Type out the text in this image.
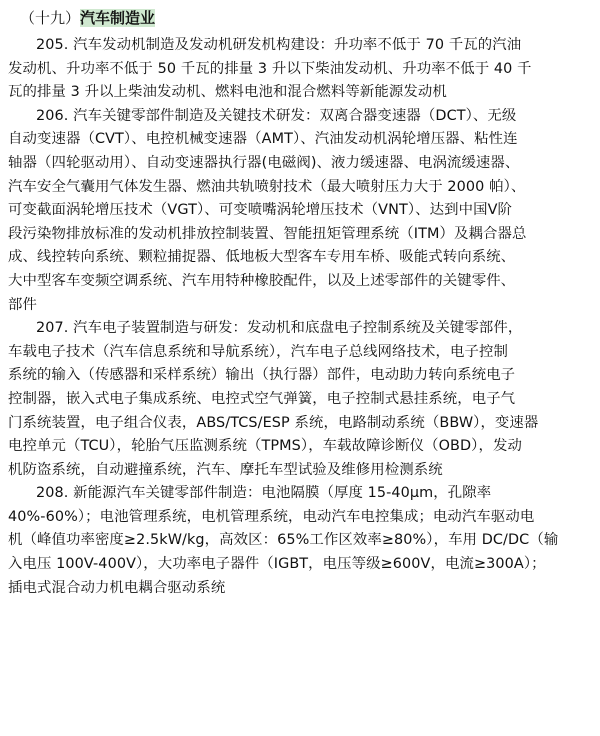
（十九）汽车制造业
205. 汽车发动机制造及发动机研发机构建设：升功率不低于 70 千瓦的汽油
发动机、升功率不低于 50 千瓦的排量 3 升以下柴油发动机、升功率不低于 40 千
瓦的排量 3 升以上柴油发动机、燃料电池和混合燃料等新能源发动机
206. 汽车关键零部件制造及关键技术研发：双离合器变速器（DCT）、无级
自动变速器（CVT）、电控机械变速器（AMT）、汽油发动机涡轮增压器、粘性连
轴器（四轮驱动用）、自动变速器执行器(电磁阀)、液力缓速器、电涡流缓速器、
汽车安全气囊用气体发生器、燃油共轨喷射技术（最大喷射压力大于 2000 帕）、
可变截面涡轮增压技术（VGT）、可变喷嘴涡轮增压技术（VNT）、达到中国Ⅴ阶
段污染物排放标准的发动机排放控制装置、智能扭矩管理系统（ITM）及耦合器总
成、线控转向系统、颗粒捕捉器、低地板大型客车专用车桥、吸能式转向系统、
大中型客车变频空调系统、汽车用特种橡胶配件，以及上述零部件的关键零件、
部件
207. 汽车电子装置制造与研发：发动机和底盘电子控制系统及关键零部件，
车载电子技术（汽车信息系统和导航系统），汽车电子总线网络技术，电子控制
系统的输入（传感器和采样系统）输出（执行器）部件，电动助力转向系统电子
控制器，嵌入式电子集成系统、电控式空气弹簧，电子控制式悬挂系统，电子气
门系统装置，电子组合仪表，ABS/TCS/ESP 系统，电路制动系统（BBW），变速器
电控单元（TCU），轮胎气压监测系统（TPMS），车载故障诊断仪（OBD），发动
机防盗系统，自动避撞系统，汽车、摩托车型试验及维修用检测系统
208. 新能源汽车关键零部件制造：电池隔膜（厚度 15-40μm，孔隙率
40%-60%）；电池管理系统，电机管理系统，电动汽车电控集成；电动汽车驱动电
机（峰值功率密度≥2.5kW/kg，高效区：65%工作区效率≥80%），车用 DC/DC（输
入电压 100V-400V），大功率电子器件（IGBT，电压等级≥600V，电流≥300A）；
插电式混合动力机电耦合驱动系统
